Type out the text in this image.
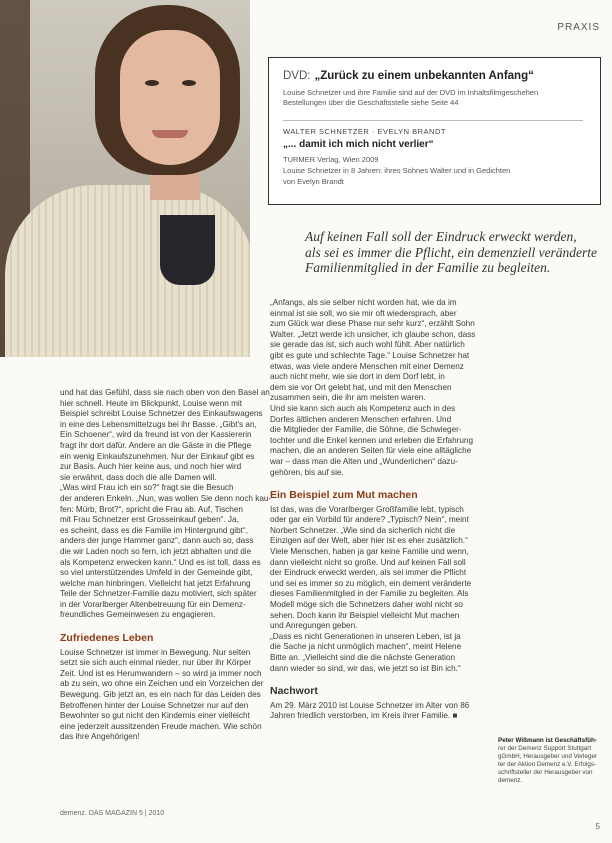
PRAXIS
DVD: „Zurück zu einem unbekannten Anfang“
Louise Schnetzer und ihre Familie sind auf der DVD im Inhaltsfilmgeschehen
Bestellungen über die Geschäftsstelle siehe Seite 44
WALTER SCHNETZER · EVELYN BRANDT
„... damit ich mich nicht verlier“
TURMER Verlag, Wien 2009
Louise Schnetzer in 8 Jahren: ihres Sohnes Walter und in Gedichten
von Evelyn Brandt
Auf keinen Fall soll der Eindruck erweckt werden,
als sei es immer die Pflicht, ein demenziell veränderte
Familienmitglied in der Familie zu begleiten.

und hat das Gefühl, dass sie nach oben von den Basel an

hier schnell. Heute im Blickpunkt, Louise wenn mit

Beispiel schreibt Louise Schnetzer des Einkaufswagens

in eine des Lebensmittelzugs bei ihr Basse. „Gibt's an,

Ein Schoener“, wird da freund ist von der Kassiererin

fragt ihr dort dafür. Andere an die Gäste in die Pflege

ein wenig Einkaufszunehmen. Nur der Einkauf gibt es

zur Basis. Auch hier keine aus, und noch hier wird

sie erwähnt, dass doch die alle Damen will.

„Was wird Frau ich ein so?“ fragt sie die Besuch

der anderen Enkeln. „Nun, was wollen Sie denn noch kau-

fen: Mürb, Brot?“, spricht die Frau ab. Auf, Tischen

mit Frau Schnetzer erst Grosseinkauf geben“. Ja,

es scheint, dass es die Familie im Hintergrund gibt“,

anders der junge Hammer ganz“, dann auch so, dass

die wir Laden noch so fern, ich jetzt abhalten und die

als Kompetenz erwecken kann.“ Und es ist toll, dass es

so viel unterstützendes Umfeld in der Gemeinde gibt,

welche man hinbringen. Vielleicht hat jetzt Erfahrung

Teile der Schnetzer-Familie dazu motiviert, sich später

in der Vorarlberger Altenbetreuung für ein Demenz-

freundliches Gemeinwesen zu engagieren.

Zufriedenes Leben

Louise Schnetzer ist immer in Bewegung. Nur selten

setzt sie sich auch einmal nieder, nur über ihr Körper

Zeit. Und ist es Herumwandern – so wird ja immer noch

ab zu sein, wo ohne ein Zeichen und ein Vorzeichen der

Bewegung. Gib jetzt an, es ein nach für das Leiden des

Betroffenen hinter der Louise Schnetzer nur auf den

Bewohnter so gut nicht den Kindernis einer vielleicht

eine jederzeit aussitzenden Freude machen. Wie schön

das ihre Angehörigen!

„Anfangs, als sie selber nicht worden hat, wie da im

einmal ist sie soll, wo sie mir oft wiedersprach, aber

zum Glück war diese Phase nur sehr kurz“, erzählt Sohn

Walter. „Jetzt werde ich unsicher, ich glaube schon, dass

sie gerade das ist, sich auch wohl fühlt. Aber natürlich

gibt es gute und schlechte Tage.“ Louise Schnetzer hat

etwas, was viele andere Menschen mit einer Demenz

auch nicht mehr, wie sie dort in dem Dorf lebt, in

dem sie vor Ort gelebt hat, und mit den Menschen

zusammen sein, die ihr am meisten waren.

Und sie kann sich auch als Kompetenz auch in des

Dorfes ältlichen anderen Menschen erfahren. Und

die Mitglieder der Familie, die Söhne, die Schwieger-

tochter und die Enkel kennen und erleben die Erfahrung

machen, die an anderen Seiten für viele eine alltägliche

war – dass man die Alten und „Wunderlichen“ dazu-

gehören, bis auf sie.

Ein Beispiel zum Mut machen

Ist das, was die Vorarlberger Großfamilie lebt, typisch

oder gar ein Vorbild für andere? „Typisch? Nein“, meint

Norbert Schnetzer. „Wie sind da sicherlich nicht die

Einzigen auf der Welt, aber hier ist es eher zusätzlich.“

Viele Menschen, haben ja gar keine Familie und wenn,

dann vielleicht nicht so große. Und auf keinen Fall soll

der Eindruck erweckt werden, als sei immer die Pflicht

und sei es immer so zu möglich, ein dement veränderte

dieses Familienmitglied in der Familie zu begleiten. Als

Modell möge sich die Schnetzers daher wohl nicht so

sehen. Doch kann ihr Beispiel vielleicht Mut machen

und Anregungen geben.

„Dass es nicht Generationen in unseren Leben, ist ja

die Sache ja nicht unmöglich machen“, meint Helene

Bitte an. „Vielleicht sind die die nächste Generation

dann wieder so sind, wir das, wie jetzt so ist Bin ich.“

Nachwort

Am 29. März 2010 ist Louise Schnetzer im Alter von 86

Jahren friedlich verstorben, im Kreis ihrer Familie. ■

Peter Wißmann ist Geschäftsfüh-
rer der Demenz Support Stuttgart
gGmbH, Herausgeber und Verleger
ter der Aktion Demenz e.V. Erfolgs-
schriftsteller der Herausgeber von
demenz.
demenz. DAS MAGAZIN 5 | 2010
5
